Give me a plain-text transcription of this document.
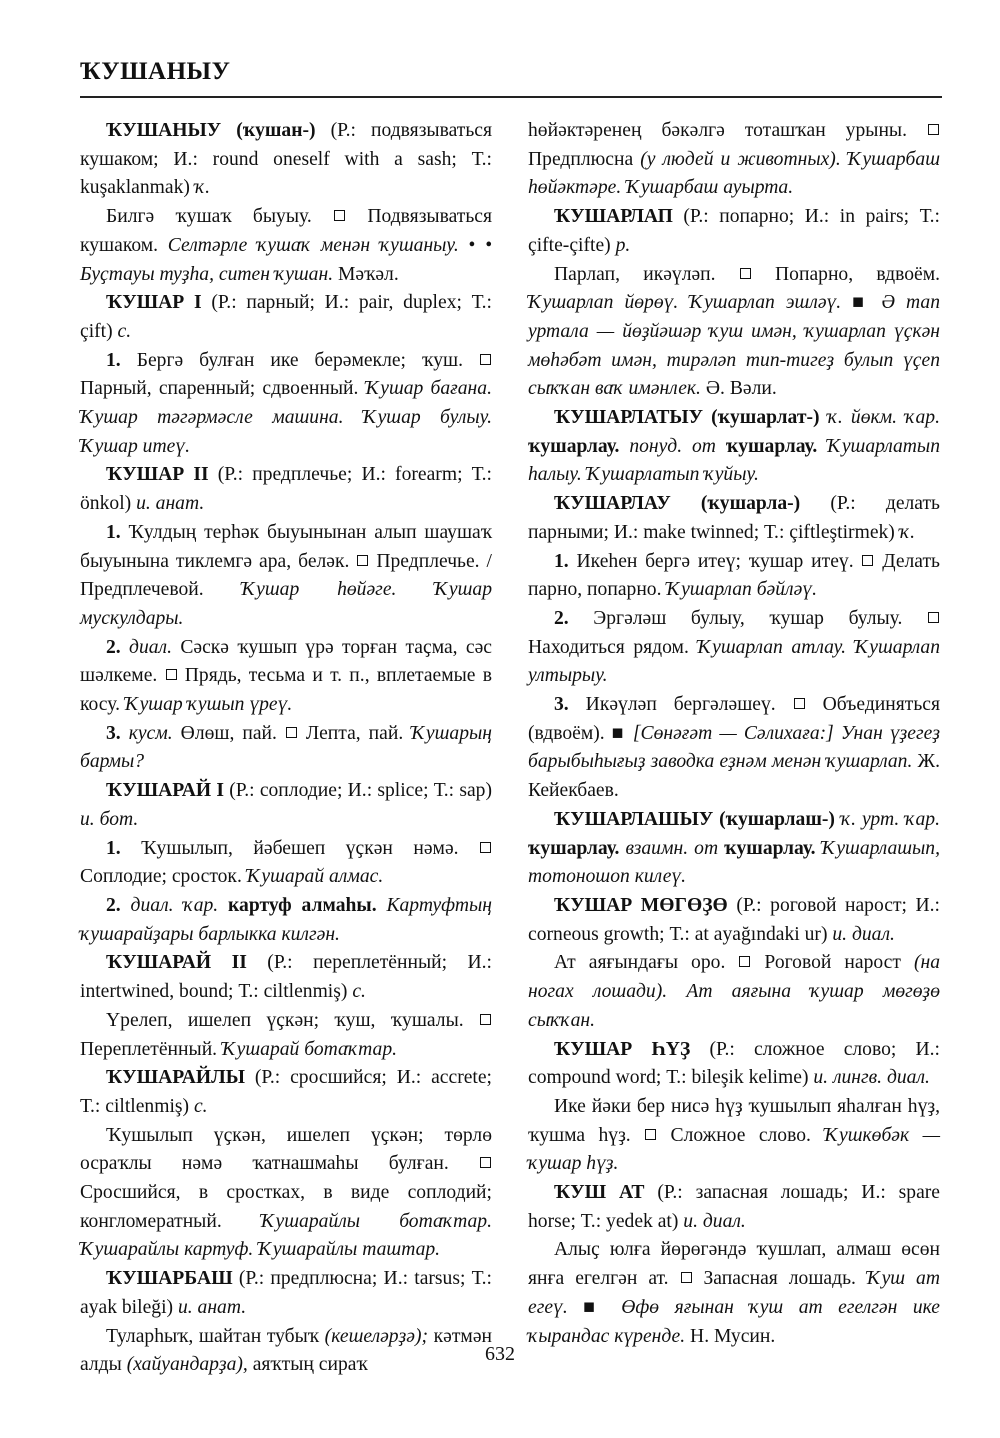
ҠУШАНЫУ

ҠУШАНЫУ (ҡушан-) (Р.: подвязываться кушаком; И.: round oneself with a sash; Т.: kuşaklanmak) ҡ.

Билгә ҡушаҡ быуыу.  Подвязываться кушаком. Селтәрле ҡушаҡ менән ҡушаныу. • • Буҫтауы туҙһа, ситен ҡушан. Мәҡәл.

ҠУШАР I (Р.: парный; И.: pair, duplex; Т.: çift) с.

1. Бергә булған ике берәмекле; ҡуш.  Парный, спаренный; сдвоенный. Ҡушар бағана. Ҡушар тәгәрмәсле машина. Ҡушар булыу. Ҡушар итеү.

ҠУШАР II (Р.: предплечье; И.: forearm; Т.: önkol) и. анат.

1. Ҡулдың терһәк быуынынан алып шаушаҡ быуынына тиклемгә ара, беләк.  Предплечье. / Предплечевой. Ҡушар һөйәге. Ҡушар мускулдары.

2. диал. Сәскә ҡушып үрә торған таҫма, сәс шәлкеме.  Прядь, тесьма и т. п., вплетаемые в косу. Ҡушар ҡушып үреү.

3. кусм. Өлөш, пай.  Лепта, пай. Ҡушарың бармы?

ҠУШАРАЙ I (Р.: соплодие; И.: splice; Т.: sap) и. бот.

1. Ҡушылып, йәбешеп үҫкән нәмә.  Соплодие; сросток. Ҡушарай алмас.

2. диал. ҡар. картуф алмаһы. Картуфтың ҡушарайҙары барлыкка килгән.

ҠУШАРАЙ II (Р.: переплетённый; И.: intertwined, bound; Т.: ciltlenmiş) с.

Үрелеп, ишелеп үҫкән; ҡуш, ҡушалы.  Переплетённый. Ҡушарай ботаҡтар.

ҠУШАРАЙЛЫ (Р.: сросшийся; И.: accrete; Т.: ciltlenmiş) с.

Ҡушылып үҫкән, ишелеп үҫкән; төрлө осраҡлы нәмә ҡатнашмаһы булған.  Сросшийся, в сростках, в виде соплодий; конгломератный. Ҡушарайлы ботаҡтар. Ҡушарайлы картуф. Ҡушарайлы таштар.

ҠУШАРБАШ (Р.: предплюсна; И.: tarsus; Т.: ayak bileği) и. анат.

Туларһыҡ, шайтан тубыҡ (кешеләрҙә); кәтмән алды (хайуандарҙа), аяҡтың сираҡ

һөйәктәренең бәкәлгә тоташҡан урыны.  Предплюсна (у людей и животных). Ҡушарбаш һөйәктәре. Ҡушарбаш ауыртa.

ҠУШАРЛАП (Р.: попарно; И.: in pairs; Т.: çifte-çifte) р.

Парлап, икәүләп.  Попарно, вдвоём. Ҡушарлап йөрөү. Ҡушарлап эшләү. ■ Ә тап уртала — йөҙйәшәр ҡуш имән, ҡушарлап үҫкән мөһәбәт имән, тирәләп тип-тигеҙ булып үҫеп сыҡҡан ваҡ имәнлек. Ә. Вәли.

ҠУШАРЛАТЫУ (ҡушарлат-) ҡ. йөкм. ҡар. ҡушарлау. понуд. от ҡушарлау. Ҡушарлатып һалыу. Ҡушарлатып ҡуйыу.

ҠУШАРЛАУ (ҡушарла-) (Р.: делать парными; И.: make twinned; Т.: çiftleştirmek) ҡ.

1. Икеһен бергә итеү; ҡушар итеү.  Делать парно, попарно. Ҡушарлап бәйләү.

2. Эргәләш булыу, ҡушар булыу.  Находиться рядом. Ҡушарлап атлау. Ҡушарлап ултырыу.

3. Икәүләп бергәләшеү.  Объединяться (вдвоём). ■ [Сөнәғәт — Сәлихаға:] Унан үҙегеҙ барыбыһығыҙ заводка еҙнәм менән ҡушарлап. Ж. Кейекбаев.

ҠУШАРЛАШЫУ (ҡушарлаш-) ҡ. урт. ҡар. ҡушарлау. взаимн. от ҡушарлау. Ҡушарлашып, тотоношоп килеү.

ҠУШАР МӨГӨҘӨ (Р.: роговой нарост; И.: corneous growth; Т.: at ayağındaki ur) и. диал.

Ат аяғындағы оро.  Роговой нарост (на ногах лошади). Ат аяғына ҡушар мөгөҙө сыҡҡан.

ҠУШАР ҺҮҘ (Р.: сложное слово; И.: compound word; Т.: bileşik kelime) и. лингв. диал.

Ике йәки бер нисә һүҙ ҡушылып яһалған һүҙ, ҡушма һүҙ.  Сложное слово. Ҡушкөбәк — ҡушар һүҙ.

ҠУШ АТ (Р.: запасная лошадь; И.: spare horse; Т.: yedek at) и. диал.

Алыҫ юлға йөрөгәндә ҡушлап, алмаш өсөн янға егелгән ат.  Запасная лошадь. Ҡуш ат егеү. ■ Өфө яғынан ҡуш ат егелгән ике ҡырандас күренде. Н. Мусин.

632
